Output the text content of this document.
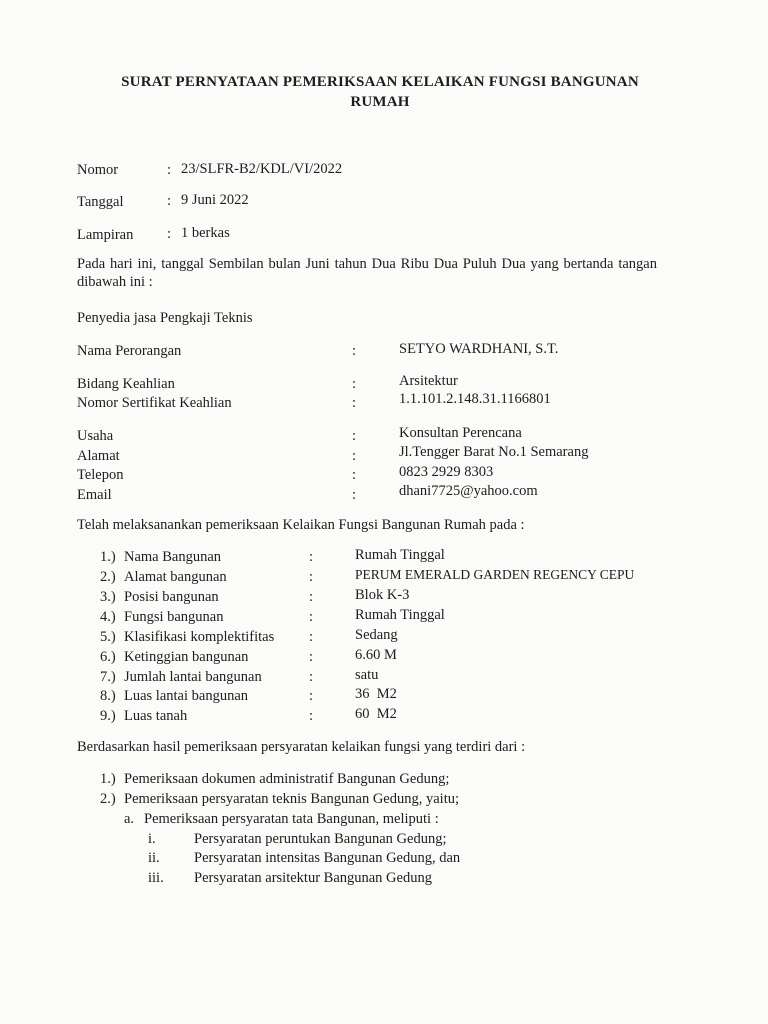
SURAT PERNYATAAN PEMERIKSAAN KELAIKAN FUNGSI BANGUNAN
RUMAH
Nomor	: 23/SLFR-B2/KDL/VI/2022
Tanggal	: 9 Juni 2022
Lampiran : 1 berkas
Pada hari ini, tanggal Sembilan bulan Juni tahun Dua Ribu Dua Puluh Dua yang bertanda tangan dibawah ini :
Penyedia jasa Pengkaji Teknis
Nama Perorangan	:	SETYO WARDHANI, S.T.
Bidang Keahlian	:	Arsitektur
Nomor Sertifikat Keahlian	:	1.1.101.2.148.31.1166801
Usaha	:	Konsultan Perencana
Alamat	:	Jl.Tengger Barat No.1 Semarang
Telepon	:	0823 2929 8303
Email	:	dhani7725@yahoo.com
Telah melaksanankan pemeriksaan Kelaikan Fungsi Bangunan Rumah pada :
1.) Nama Bangunan	:	Rumah Tinggal
2.) Alamat bangunan	:	PERUM EMERALD GARDEN REGENCY CEPU
3.) Posisi bangunan	:	Blok K-3
4.) Fungsi bangunan	:	Rumah Tinggal
5.) Klasifikasi komplektifitas :	Sedang
6.) Ketinggian bangunan	:	6.60 M
7.) Jumlah lantai bangunan	:	satu
8.) Luas lantai bangunan	:	36  M2
9.) Luas tanah	:	60  M2
Berdasarkan hasil pemeriksaan persyaratan kelaikan fungsi yang terdiri dari :
1.) Pemeriksaan dokumen administratif Bangunan Gedung;
2.) Pemeriksaan persyaratan teknis Bangunan Gedung, yaitu;
a. Pemeriksaan persyaratan tata Bangunan, meliputi :
i.	Persyaratan peruntukan Bangunan Gedung;
ii. Persyaratan intensitas Bangunan Gedung, dan
iii. Persyaratan arsitektur Bangunan Gedung
